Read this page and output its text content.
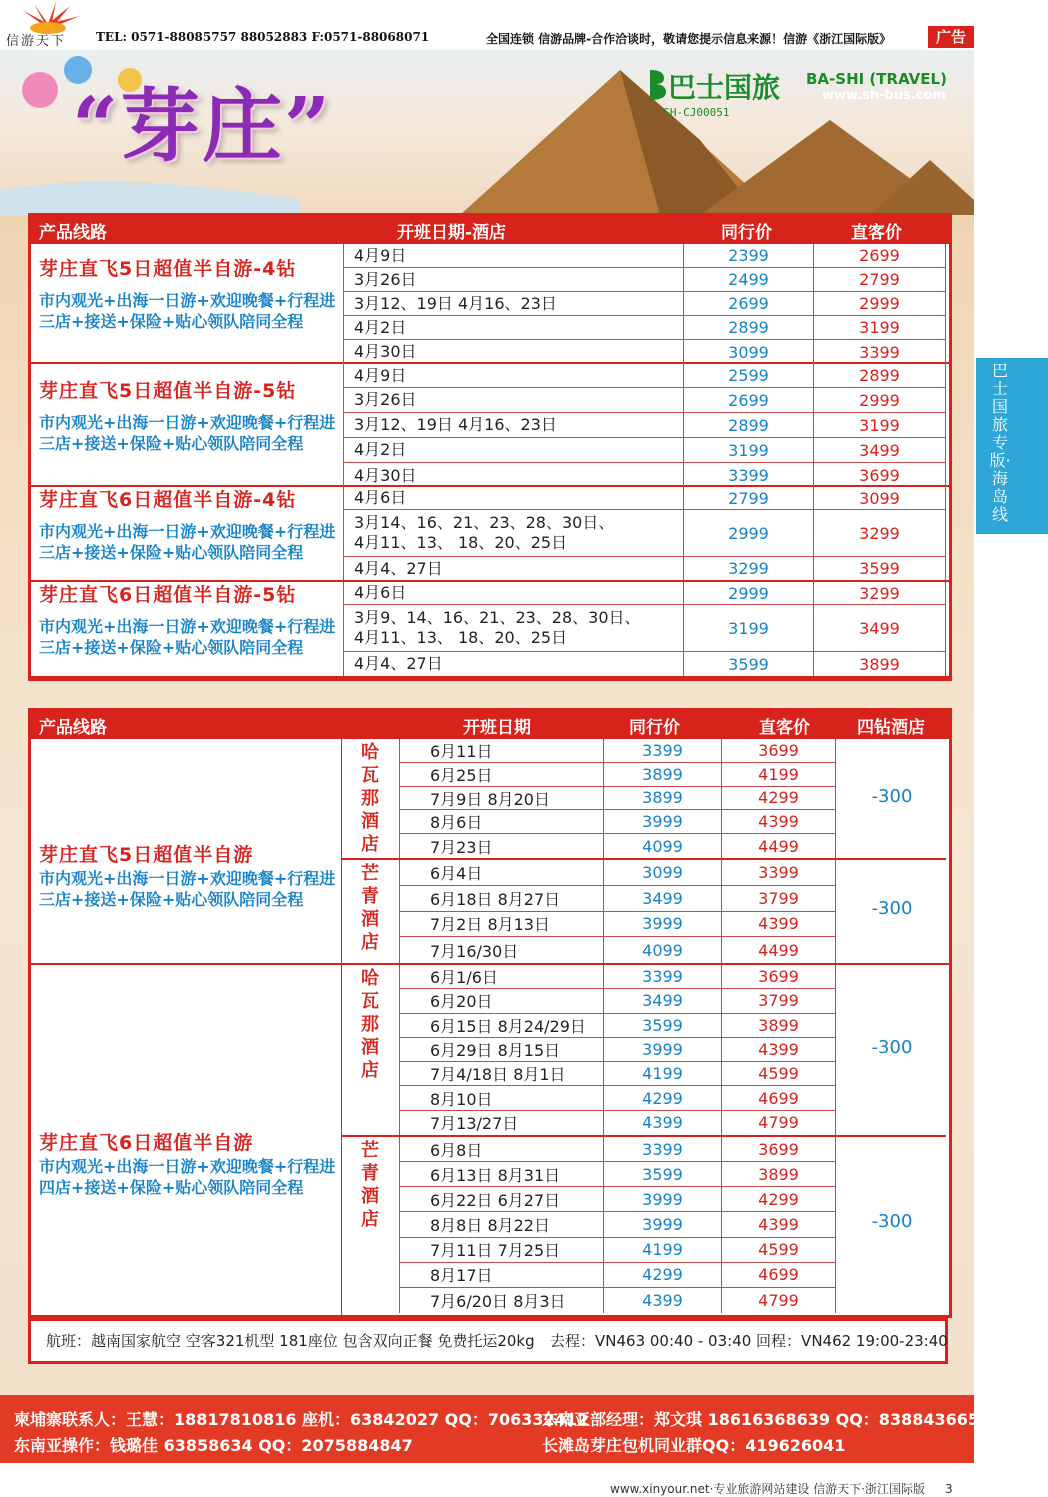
信游天下 TEL: 0571-88085757 88052883 F:0571-88068071	全国连锁 信游品牌-合作洽谈时，敬请您提示信息来源！信游《浙江国际版》	广告
“芽庄”	巴士国旅 BA-SHI (TRAVEL)
www.sh-bus.com
L-SH-CJ00051
巴士国旅专版·海岛线
产品线路	开班日期-酒店	同行价	直客价
芽庄直飞5日超值半自游-4钻
市内观光+出海一日游+欢迎晚餐+行程进三店+接送+保险+贴心领队陪同全程
4月9日	2399	2699
3月26日	2499	2799
3月12、19日 4月16、23日	2699	2999
4月2日	2899	3199
4月30日	3099	3399
芽庄直飞5日超值半自游-5钻
市内观光+出海一日游+欢迎晚餐+行程进三店+接送+保险+贴心领队陪同全程
4月9日	2599	2899
3月26日	2699	2999
3月12、19日 4月16、23日	2899	3199
4月2日	3199	3499
4月30日	3399	3699
芽庄直飞6日超值半自游-4钻
市内观光+出海一日游+欢迎晚餐+行程进三店+接送+保险+贴心领队陪同全程
4月6日	2799	3099
3月14、16、21、23、28、30日、
4月11、13、 18、20、25日	2999	3299
4月4、27日	3299	3599
芽庄直飞6日超值半自游-5钻
市内观光+出海一日游+欢迎晚餐+行程进三店+接送+保险+贴心领队陪同全程
4月6日	2999	3299
3月9、14、16、21、23、28、30日、
4月11、13、 18、20、25日	3199	3499
4月4、27日	3599	3899
产品线路	开班日期	同行价	直客价	四钻酒店
芽庄直飞5日超值半自游
市内观光+出海一日游+欢迎晚餐+行程进三店+接送+保险+贴心领队陪同全程
哈瓦那酒店
6月11日	3399	3699
6月25日	3899	4199
7月9日 8月20日	3899	4299
8月6日	3999	4399
7月23日	4099	4499
-300
芒青酒店
6月4日	3099	3399
6月18日 8月27日	3499	3799
7月2日 8月13日	3999	4399
7月16/30日	4099	4499
-300
芽庄直飞6日超值半自游
市内观光+出海一日游+欢迎晚餐+行程进四店+接送+保险+贴心领队陪同全程
哈瓦那酒店
6月1/6日	3399	3699
6月20日	3499	3799
6月15日 8月24/29日	3599	3899
6月29日 8月15日	3999	4399
7月4/18日 8月1日	4199	4599
8月10日	4299	4699
7月13/27日	4399	4799
-300
芒青酒店
6月8日	3399	3699
6月13日 8月31日	3599	3899
6月22日 6月27日	3999	4299
8月8日 8月22日	3999	4399
7月11日 7月25日	4199	4599
8月17日	4299	4699
7月6/20日 8月3日	4399	4799
-300
航班：越南国家航空 空客321机型 181座位 包含双向正餐 免费托运20kg 去程：VN463 00:40 - 03:40 回程：VN462 19:00-23:40
柬埔寨联系人：王慧：18817810816 座机：63842027 QQ：706332412
东南亚部经理：郑文琪 18616368639 QQ：838843665
东南亚操作：钱璐佳 63858634 QQ：2075884847	长滩岛芽庄包机同业群QQ：419626041
www.xinyour.net·专业旅游网站建设 信游天下·浙江国际版 3
